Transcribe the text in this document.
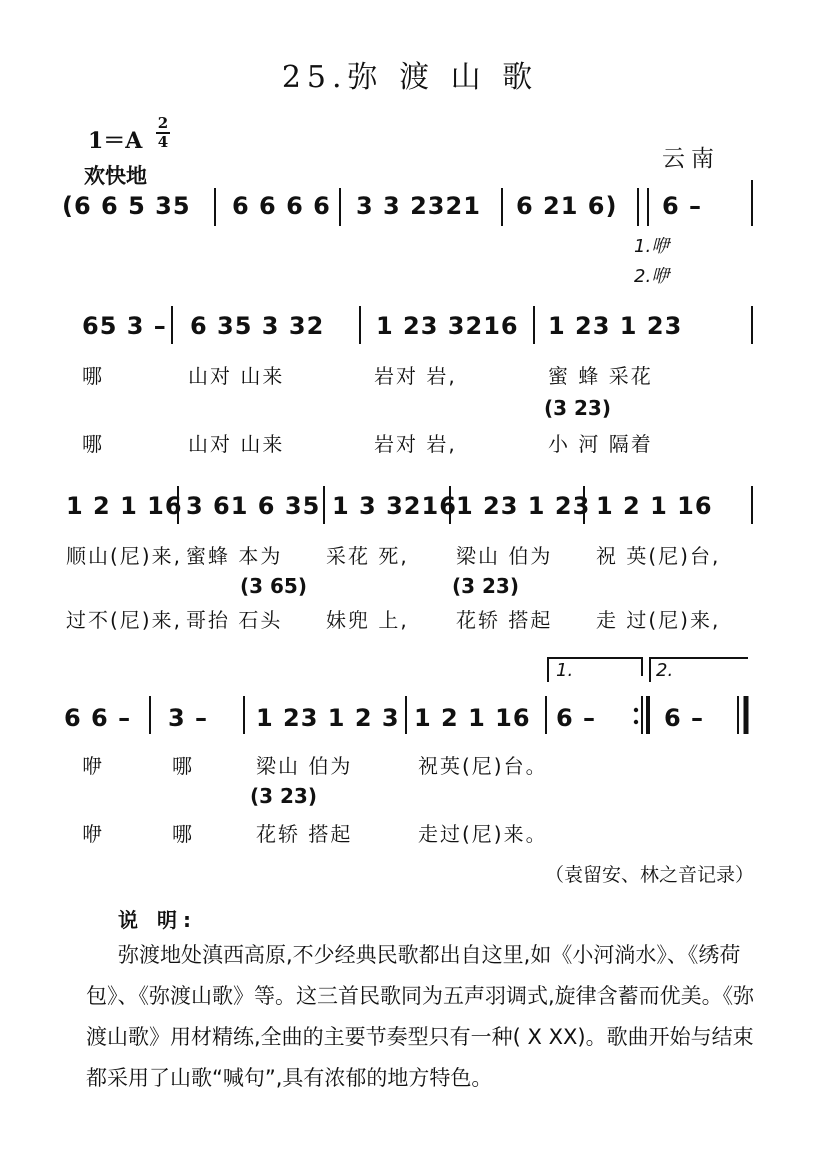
25.弥 渡 山 歌
1＝A
2
4
欢快地
云南
(6 6 5 35 6 6 6 6 3 3 2321 6 21 6) 6 –
1.咿
2.咿
65 3 – 6 35 3 32 1 23 3216 1 23 1 23
哪	山对 山来	岩对 岩,	蜜 蜂 采花
(3 23)
哪	山对 山来	岩对 岩,	小 河 隔着
1 2 1 16 3 61 6 35 1 3 3216 1 23 1 23 1 2 1 16
顺山(尼)来, 蜜蜂 本为 采花 死, 梁山 伯为 祝 英(尼)台,
(3 65)	(3 23)
过不(尼)来, 哥抬 石头 妹兜 上, 花轿 搭起 走 过(尼)来,
1.	2.
6 6 – 3 – 1 23 1 2 3 1 2 1 16 6 –	6 –
咿	哪	梁山 伯为	祝英(尼)台。
(3 23)
咿	哪	花轿 搭起	走过(尼)来。
（袁留安、林之音记录）
说 明:
弥渡地处滇西高原,不少经典民歌都出自这里,如《小河淌水》、《绣荷包》、《弥渡山歌》等。这三首民歌同为五声羽调式,旋律含蓄而优美。《弥渡山歌》用材精练,全曲的主要节奏型只有一种( X XX)。歌曲开始与结束都采用了山歌“喊句”,具有浓郁的地方特色。
